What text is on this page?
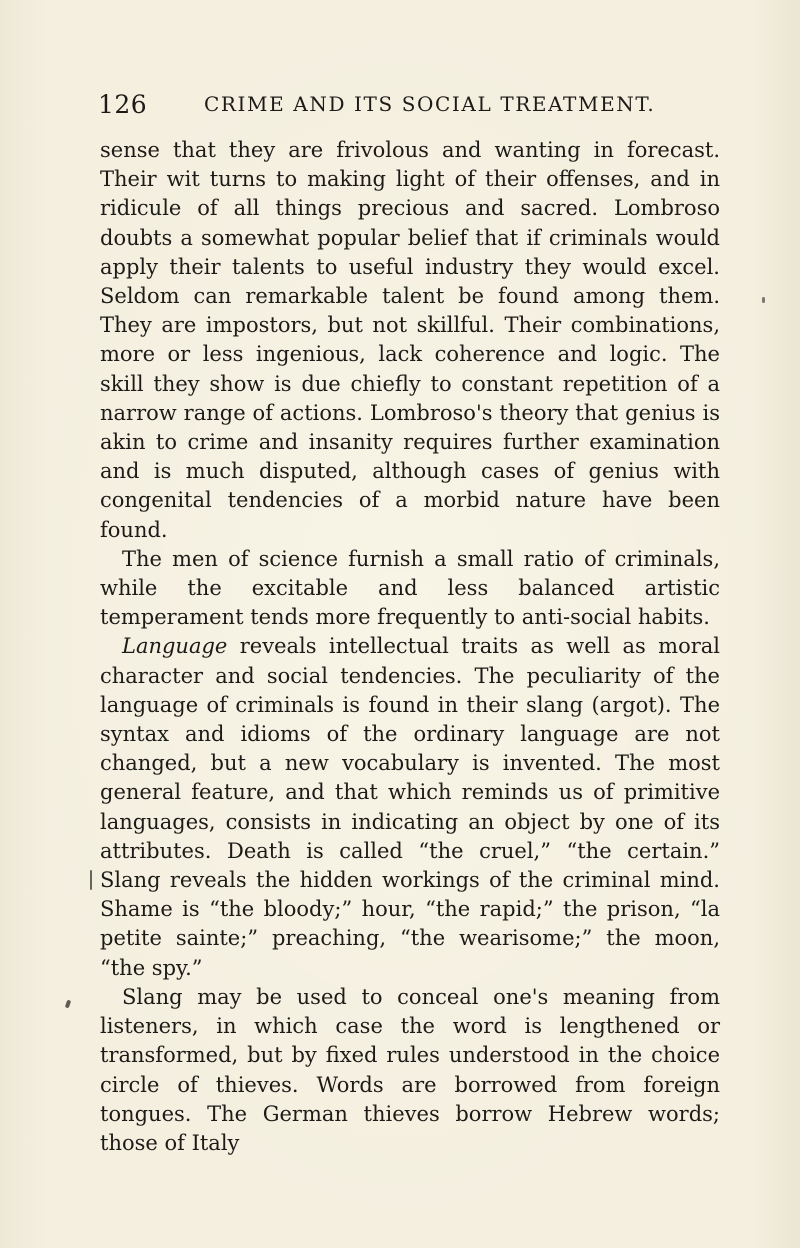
126	CRIME AND ITS SOCIAL TREATMENT.

sense that they are frivolous and wanting in forecast. Their wit turns to making light of their offenses, and in ridicule of all things precious and sacred. Lombroso doubts a somewhat popular belief that if criminals would apply their talents to useful industry they would excel. Seldom can remarkable talent be found among them. They are impostors, but not skillful. Their combinations, more or less ingenious, lack coherence and logic. The skill they show is due chiefly to constant repetition of a narrow range of actions. Lombroso's theory that genius is akin to crime and insanity requires further examination and is much disputed, although cases of genius with congenital tendencies of a morbid nature have been found.

The men of science furnish a small ratio of criminals, while the excitable and less balanced artistic temperament tends more frequently to anti-social habits.

Language reveals intellectual traits as well as moral character and social tendencies. The peculiarity of the language of criminals is found in their slang (argot). The syntax and idioms of the ordinary language are not changed, but a new vocabulary is invented. The most general feature, and that which reminds us of primitive languages, consists in indicating an object by one of its attributes. Death is called “the cruel,” “the certain.” Slang reveals the hidden workings of the criminal mind. Shame is “the bloody;” hour, “the rapid;” the prison, “la petite sainte;” preaching, “the wearisome;” the moon, “the spy.”

Slang may be used to conceal one's meaning from listeners, in which case the word is lengthened or transformed, but by fixed rules understood in the choice circle of thieves. Words are borrowed from foreign tongues. The German thieves borrow Hebrew words; those of Italy
